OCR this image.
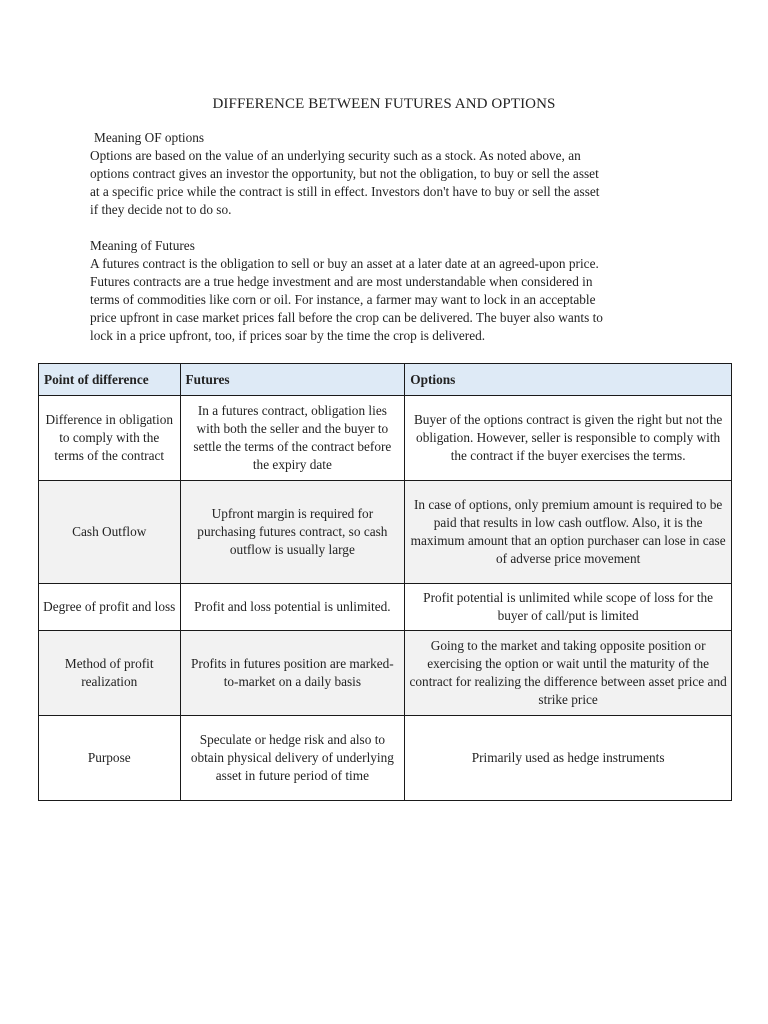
DIFFERENCE BETWEEN FUTURES AND OPTIONS

Meaning OF options

Options are based on the value of an underlying security such as a stock. As noted above, an

options contract gives an investor the opportunity, but not the obligation, to buy or sell the asset

at a specific price while the contract is still in effect. Investors don't have to buy or sell the asset

if they decide not to do so.

Meaning of Futures

A futures contract is the obligation to sell or buy an asset at a later date at an agreed-upon price.

Futures contracts are a true hedge investment and are most understandable when considered in

terms of commodities like corn or oil. For instance, a farmer may want to lock in an acceptable

price upfront in case market prices fall before the crop can be delivered. The buyer also wants to

lock in a price upfront, too, if prices soar by the time the crop is delivered.

Point of difference	Futures	Options
Difference in obligation to comply with the terms of the contract	In a futures contract, obligation lies with both the seller and the buyer to settle the terms of the contract before the expiry date	Buyer of the options contract is given the right but not the obligation. However, seller is responsible to comply with the contract if the buyer exercises the terms.
Cash Outflow	Upfront margin is required for purchasing futures contract, so cash outflow is usually large	In case of options, only premium amount is required to be paid that results in low cash outflow. Also, it is the maximum amount that an option purchaser can lose in case of adverse price movement
Degree of profit and loss	Profit and loss potential is unlimited.	Profit potential is unlimited while scope of loss for the buyer of call/put is limited
Method of profit realization	Profits in futures position are marked-to-market on a daily basis	Going to the market and taking opposite position or exercising the option or wait until the maturity of the contract for realizing the difference between asset price and strike price
Purpose	Speculate or hedge risk and also to obtain physical delivery of underlying asset in future period of time	Primarily used as hedge instruments
